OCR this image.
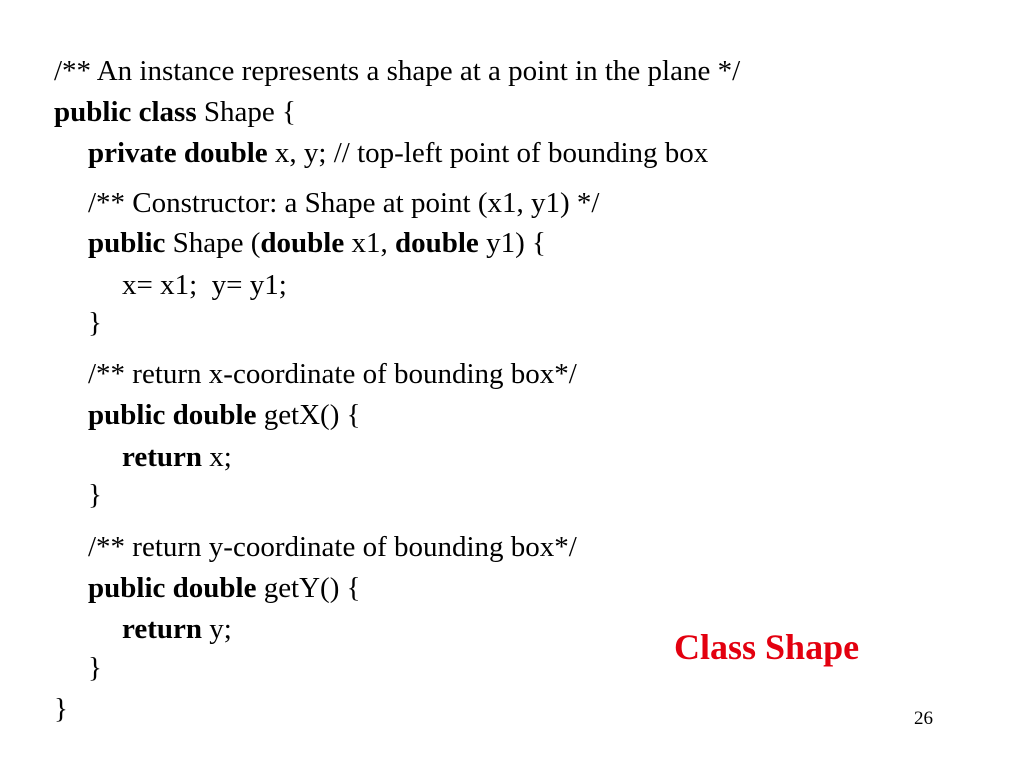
/** An instance represents a shape at a point in the plane */
public class Shape {
private double x, y; // top-left point of bounding box
/** Constructor: a Shape at point (x1, y1) */
public Shape (double x1, double y1) {
x= x1;  y= y1;
}
/** return x-coordinate of bounding box*/
public double getX() {
return x;
}
/** return y-coordinate of bounding box*/
public double getY() {
return y;
}
}
Class Shape
26
